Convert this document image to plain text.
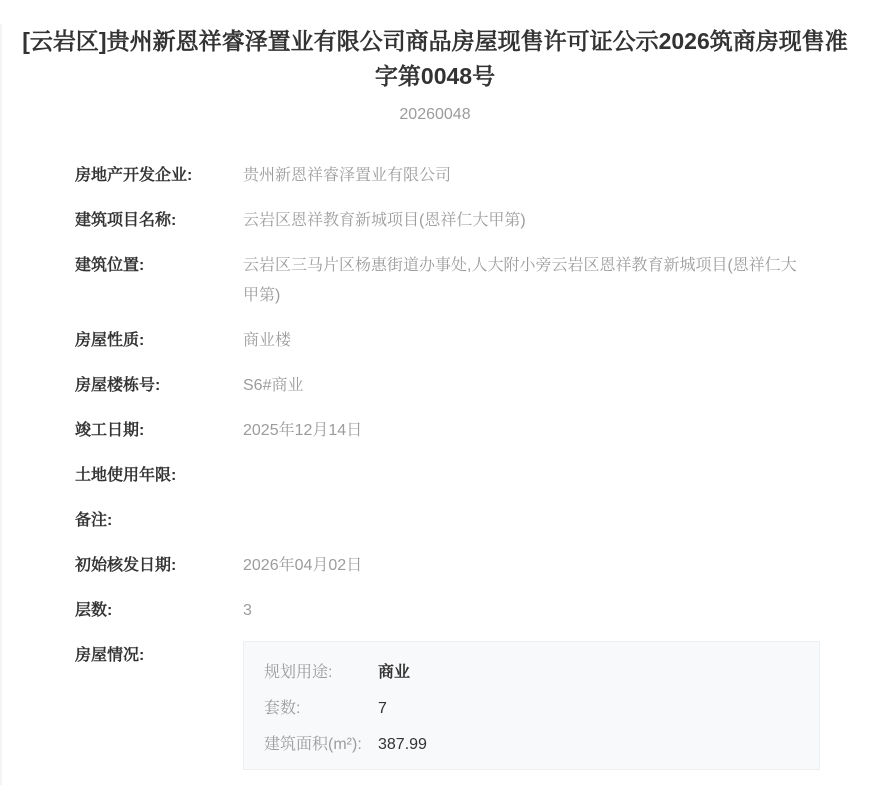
[云岩区]贵州新恩祥睿泽置业有限公司商品房屋现售许可证公示2026筑商房现售准字第0048号
20260048
房地产开发企业:	贵州新恩祥睿泽置业有限公司
建筑项目名称:	云岩区恩祥教育新城项目(恩祥仁大甲第)
建筑位置:	云岩区三马片区杨惠街道办事处,人大附小旁云岩区恩祥教育新城项目(恩祥仁大甲第)
房屋性质:	商业楼
房屋楼栋号:	S6#商业
竣工日期:	2025年12月14日
土地使用年限:
备注:
初始核发日期:	2026年04月02日
层数:	3
房屋情况:
规划用途:	商业
套数:	7
建筑面积(m²):	387.99
